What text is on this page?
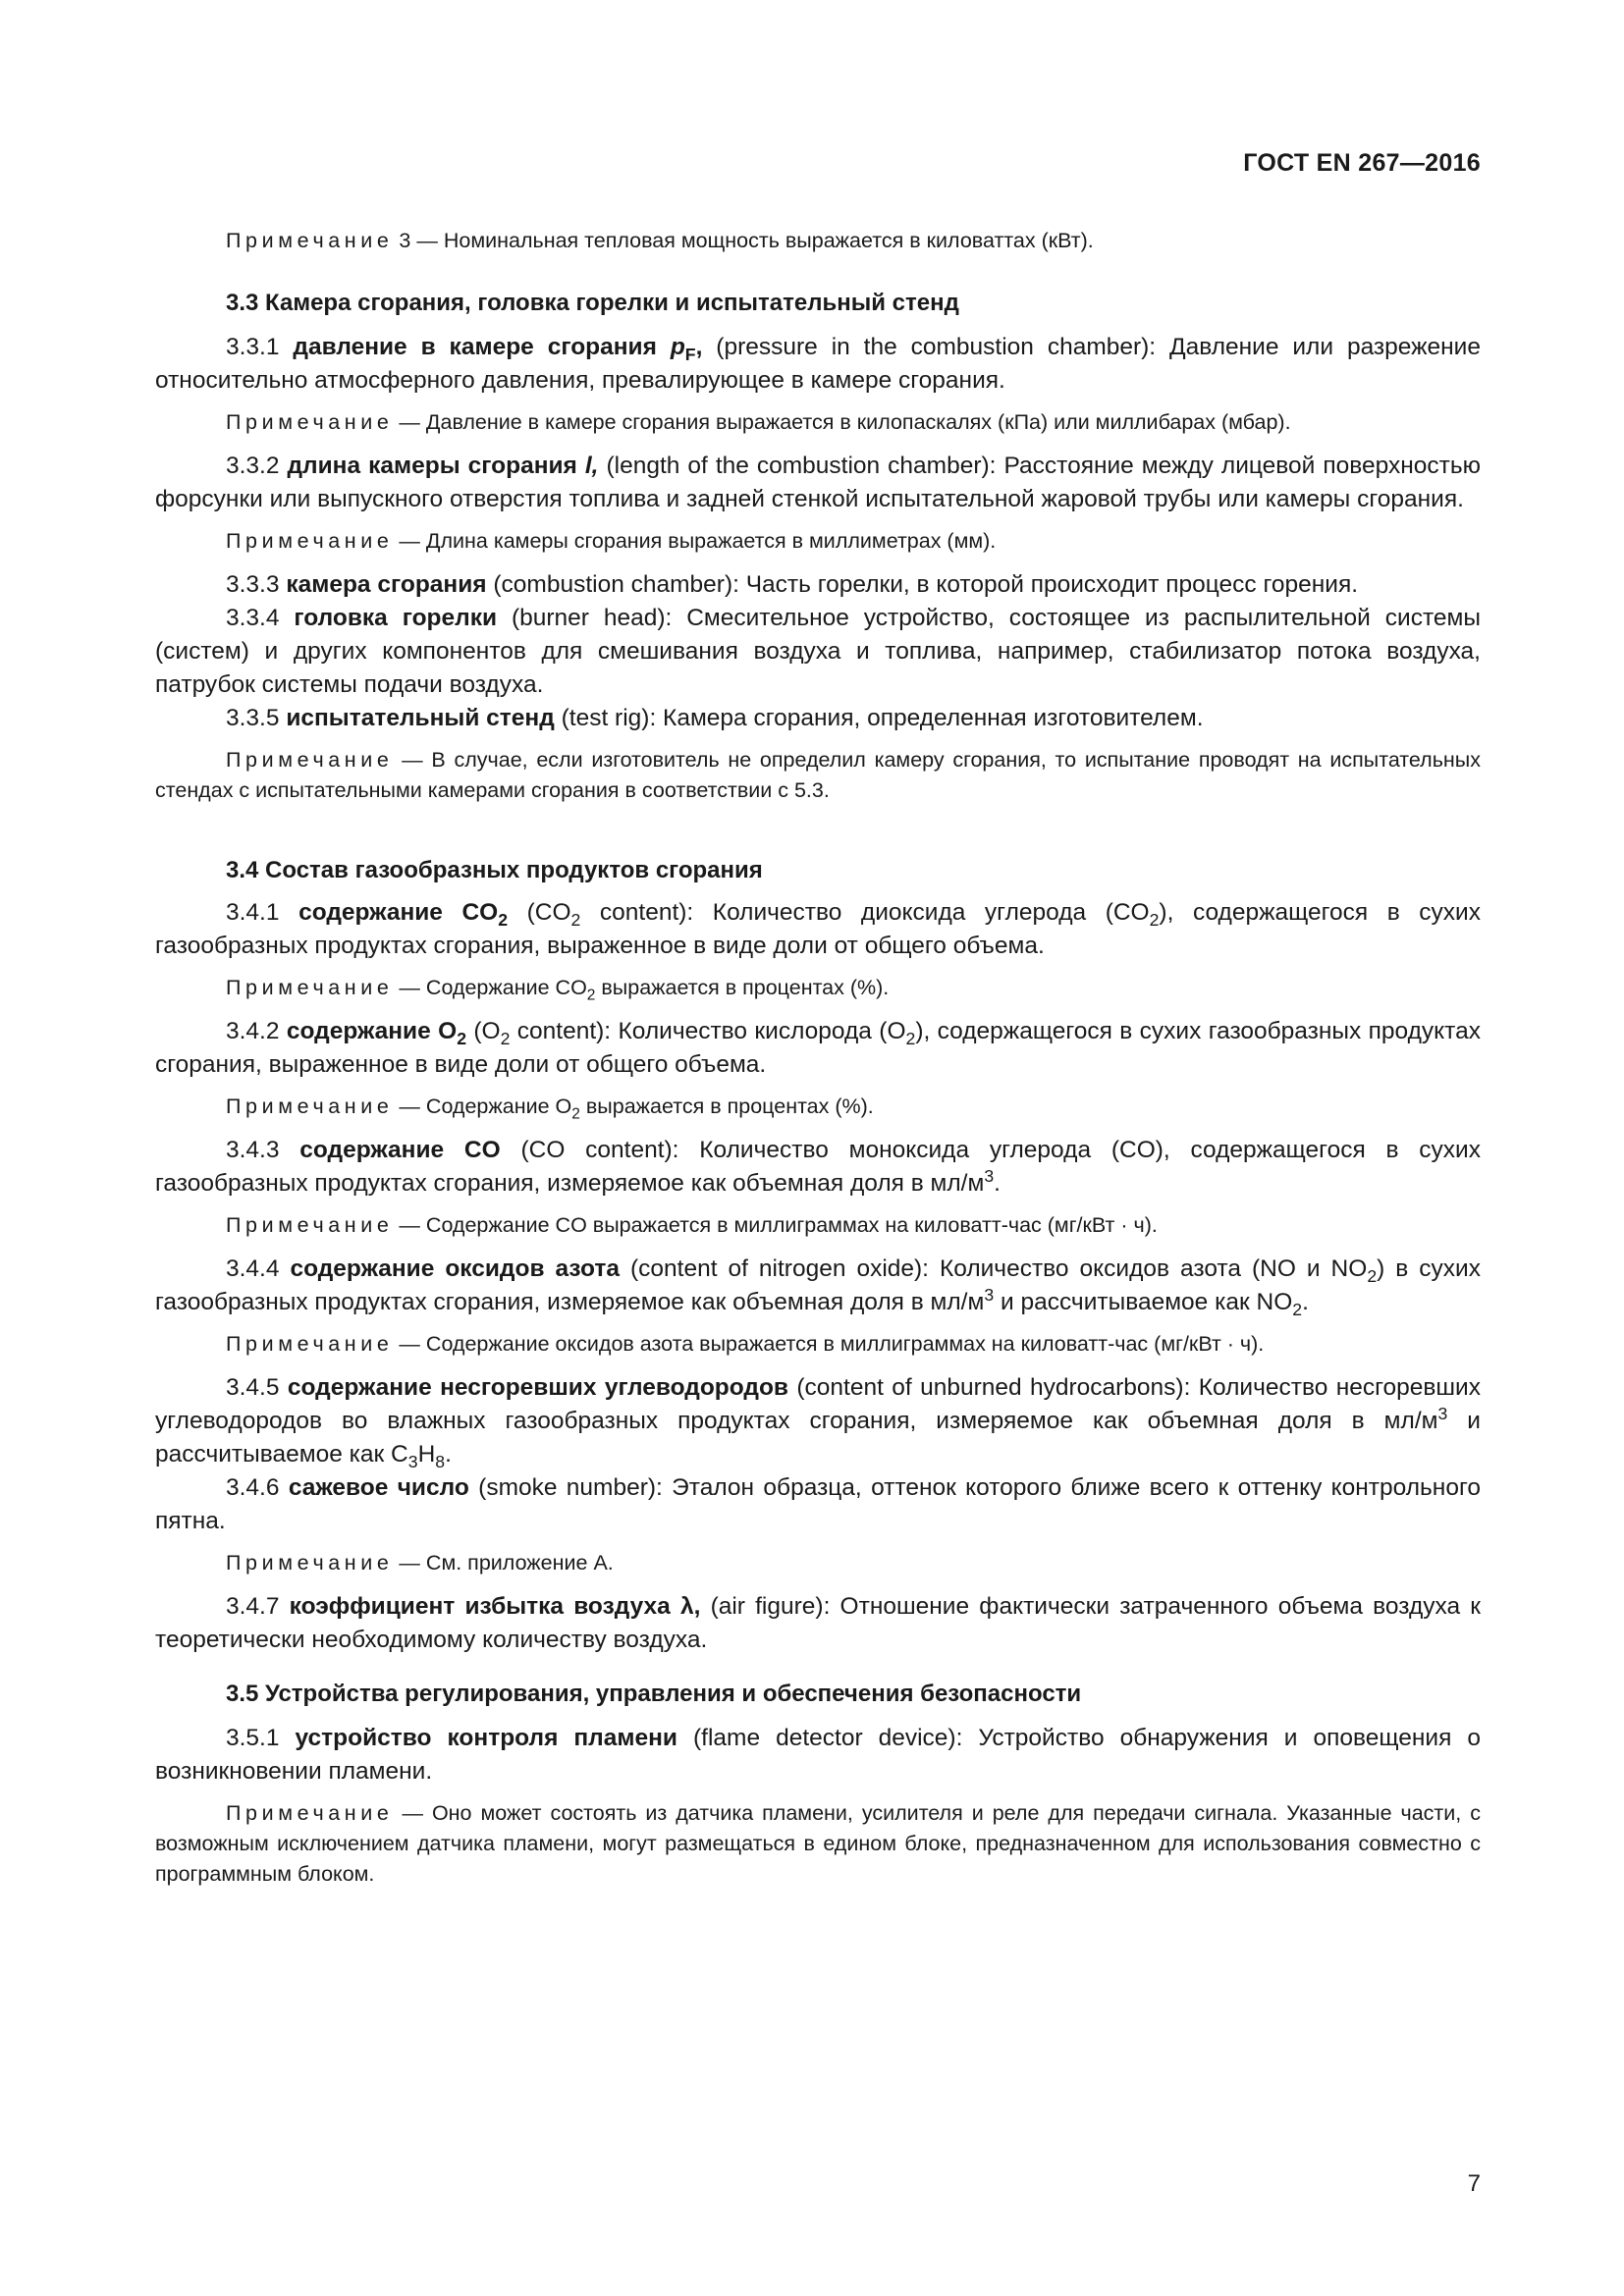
ГОСТ EN 267—2016

Примечание 3 — Номинальная тепловая мощность выражается в киловаттах (кВт).

3.3 Камера сгорания, головка горелки и испытательный стенд

3.3.1 давление в камере сгорания $p_F$, (pressure in the combustion chamber): Давление или разрежение относительно атмосферного давления, превалирующее в камере сгорания.

Примечание — Давление в камере сгорания выражается в килопаскалях (кПа) или миллибарах (мбар).

3.3.2 длина камеры сгорания l, (length of the combustion chamber): Расстояние между лицевой поверхностью форсунки или выпускного отверстия топлива и задней стенкой испытательной жаровой трубы или камеры сгорания.

Примечание — Длина камеры сгорания выражается в миллиметрах (мм).

3.3.3 камера сгорания (combustion chamber): Часть горелки, в которой происходит процесс горения.

3.3.4 головка горелки (burner head): Смесительное устройство, состоящее из распылительной системы (систем) и других компонентов для смешивания воздуха и топлива, например, стабилизатор потока воздуха, патрубок системы подачи воздуха.

3.3.5 испытательный стенд (test rig): Камера сгорания, определенная изготовителем.

Примечание — В случае, если изготовитель не определил камеру сгорания, то испытание проводят на испытательных стендах с испытательными камерами сгорания в соответствии с 5.3.

3.4 Состав газообразных продуктов сгорания

3.4.1 содержание $CO_2$ ($CO_2$ content): Количество диоксида углерода $(CO_2)$, содержащегося в сухих газообразных продуктах сгорания, выраженное в виде доли от общего объема.

Примечание — Содержание $CO_2$ выражается в процентах (%).

3.4.2 содержание $O_2$ ($O_2$ content): Количество кислорода $(O_2)$, содержащегося в сухих газообразных продуктах сгорания, выраженное в виде доли от общего объема.

Примечание — Содержание $O_2$ выражается в процентах (%).

3.4.3 содержание CO (CO content): Количество моноксида углерода (CO), содержащегося в сухих газообразных продуктах сгорания, измеряемое как объемная доля в $мл/м^3$.

Примечание — Содержание CO выражается в миллиграммах на киловатт-час (мг/кВт · ч).

3.4.4 содержание оксидов азота (content of nitrogen oxide): Количество оксидов азота (NO и $NO_2$) в сухих газообразных продуктах сгорания, измеряемое как объемная доля в $мл/м^3$ и рассчитываемое как $NO_2$.

Примечание — Содержание оксидов азота выражается в миллиграммах на киловатт-час (мг/кВт · ч).

3.4.5 содержание несгоревших углеводородов (content of unburned hydrocarbons): Количество несгоревших углеводородов во влажных газообразных продуктах сгорания, измеряемое как объемная доля в $мл/м^3$ и рассчитываемое как $C_3H_8$.

3.4.6 сажевое число (smoke number): Эталон образца, оттенок которого ближе всего к оттенку контрольного пятна.

Примечание — См. приложение А.

3.4.7 коэффициент избытка воздуха λ, (air figure): Отношение фактически затраченного объема воздуха к теоретически необходимому количеству воздуха.

3.5 Устройства регулирования, управления и обеспечения безопасности

3.5.1 устройство контроля пламени (flame detector device): Устройство обнаружения и оповещения о возникновении пламени.

Примечание — Оно может состоять из датчика пламени, усилителя и реле для передачи сигнала. Указанные части, с возможным исключением датчика пламени, могут размещаться в едином блоке, предназначенном для использования совместно с программным блоком.

7
